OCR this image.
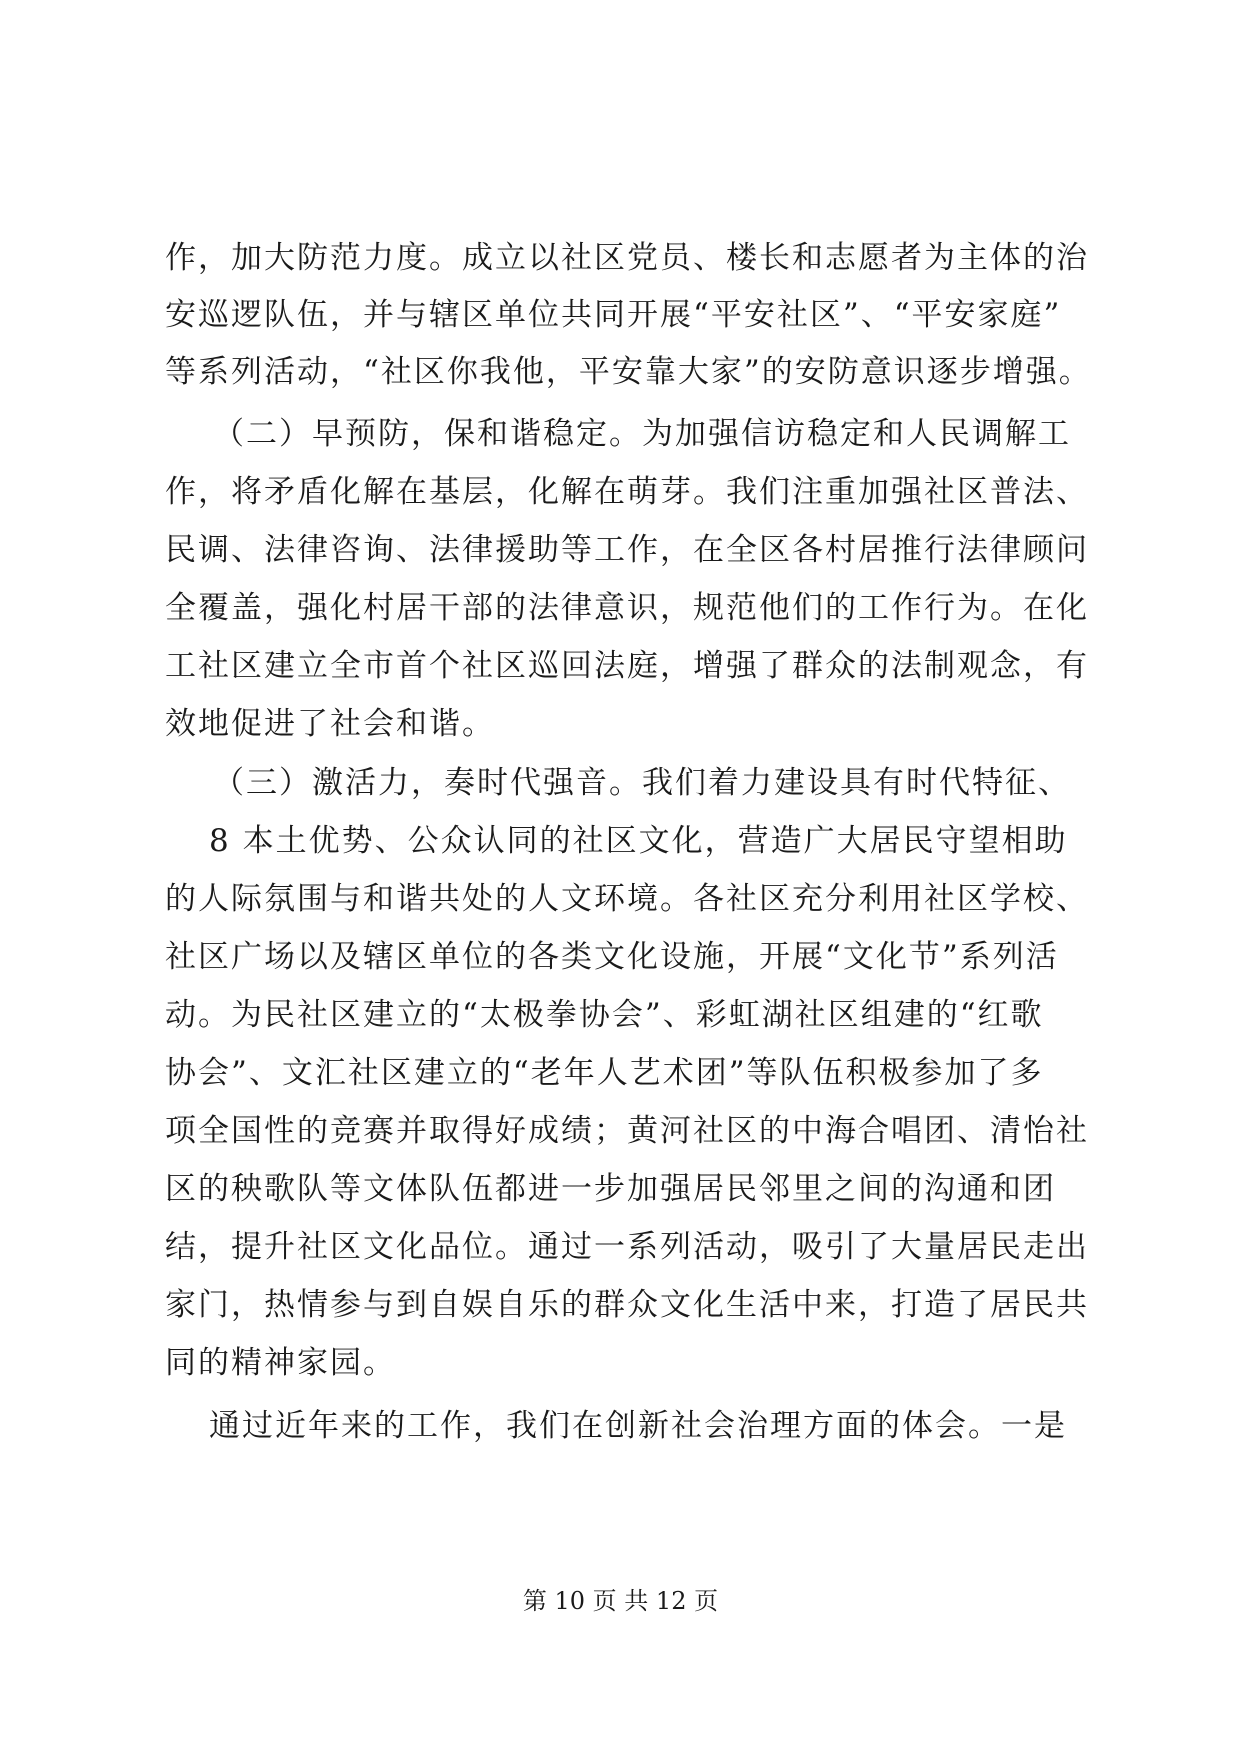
作，加大防范力度。成立以社区党员、楼长和志愿者为主体的治
安巡逻队伍，并与辖区单位共同开展“平安社区”、“平安家庭”
等系列活动，“社区你我他，平安靠大家”的安防意识逐步增强。
（二）早预防，保和谐稳定。为加强信访稳定和人民调解工
作，将矛盾化解在基层，化解在萌芽。我们注重加强社区普法、
民调、法律咨询、法律援助等工作，在全区各村居推行法律顾问
全覆盖，强化村居干部的法律意识，规范他们的工作行为。在化
工社区建立全市首个社区巡回法庭，增强了群众的法制观念，有
效地促进了社会和谐。
（三）激活力，奏时代强音。我们着力建设具有时代特征、
8 本土优势、公众认同的社区文化，营造广大居民守望相助
的人际氛围与和谐共处的人文环境。各社区充分利用社区学校、
社区广场以及辖区单位的各类文化设施，开展“文化节”系列活
动。为民社区建立的“太极拳协会”、彩虹湖社区组建的“红歌
协会”、文汇社区建立的“老年人艺术团”等队伍积极参加了多
项全国性的竞赛并取得好成绩；黄河社区的中海合唱团、清怡社
区的秧歌队等文体队伍都进一步加强居民邻里之间的沟通和团
结，提升社区文化品位。通过一系列活动，吸引了大量居民走出
家门，热情参与到自娱自乐的群众文化生活中来，打造了居民共
同的精神家园。
通过近年来的工作，我们在创新社会治理方面的体会。一是
第 10 页 共 12 页
